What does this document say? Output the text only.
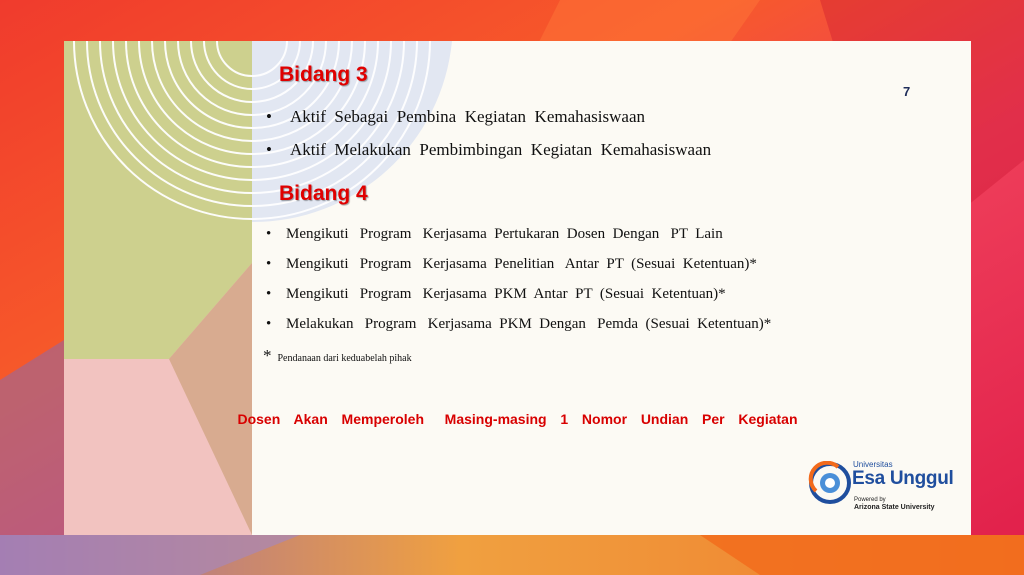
Bidang 3
7
• Aktif  Sebagai  Pembina  Kegiatan  Kemahasiswaan
• Aktif  Melakukan  Pembimbingan  Kegiatan  Kemahasiswaan
Bidang 4
• Mengikuti   Program   Kerjasama  Pertukaran  Dosen  Dengan   PT  Lain
• Mengikuti   Program   Kerjasama  Penelitian   Antar  PT  (Sesuai  Ketentuan)*
• Mengikuti   Program   Kerjasama  PKM  Antar  PT  (Sesuai  Ketentuan)*
• Melakukan   Program   Kerjasama  PKM  Dengan   Pemda  (Sesuai  Ketentuan)*
* Pendanaan dari keduabelah pihak
Dosen  Akan  Memperoleh   Masing-masing  1  Nomor  Undian  Per  Kegiatan
Universitas
Esa Unggul
Powered by
Arizona State University
